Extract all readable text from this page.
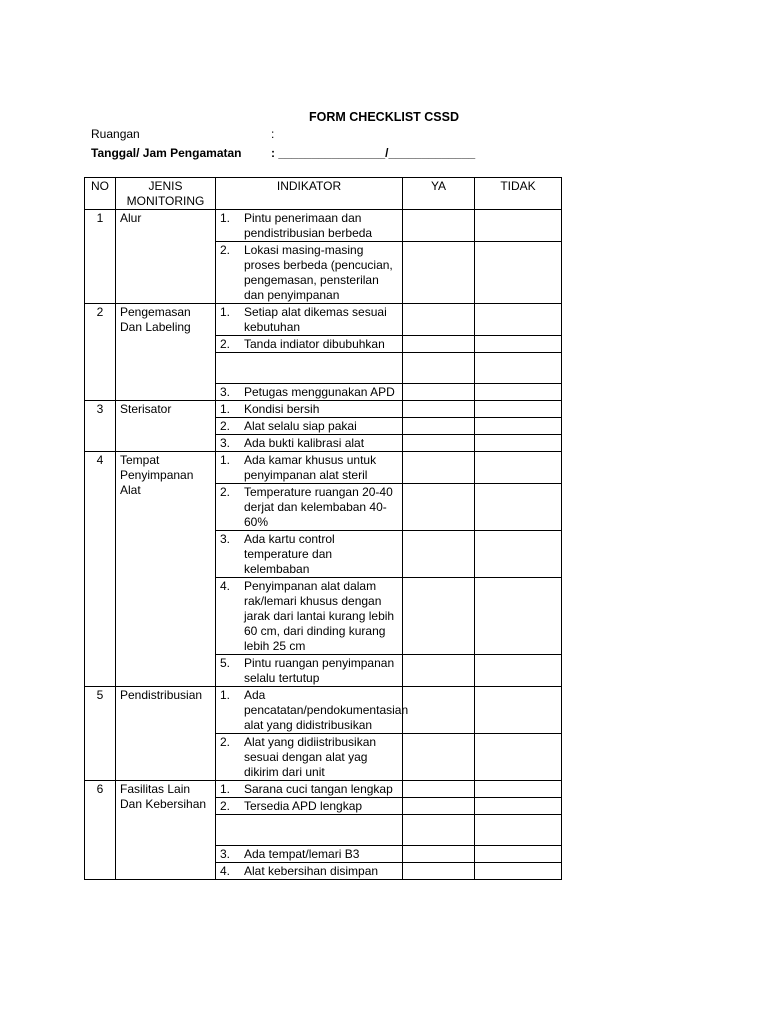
FORM CHECKLIST CSSD
Ruangan	:
Tanggal/ Jam Pengamatan : ________________/_____________
NO	JENIS MONITORING	INDIKATOR	YA	TIDAK
1	Alur	1. Pintu penerimaan dan pendistribusian berbeda		

		2. Lokasi masing-masing proses berbeda (pencucian, pengemasan, pensterilan dan penyimpanan		

2	Pengemasan Dan Labeling	1. Setiap alat dikemas sesuai kebutuhan		

		2. Tanda indiator dibubuhkan		

		3. Petugas menggunakan APD		

3	Sterisator	1. Kondisi bersih		

		2. Alat selalu siap pakai		

		3. Ada bukti kalibrasi alat		

4	Tempat Penyimpanan Alat	1. Ada kamar khusus untuk penyimpanan alat steril		

		2. Temperature ruangan 20-40 derjat dan kelembaban 40-60%		

		3. Ada kartu control temperature dan kelembaban		

		4. Penyimpanan alat dalam rak/lemari khusus dengan jarak dari lantai kurang lebih 60 cm, dari dinding kurang lebih 25 cm		

		5. Pintu ruangan penyimpanan selalu tertutup		

5	Pendistribusian	1. Ada pencatatan/pendokumentasian alat yang didistribusikan		

		2. Alat yang didiistribusikan sesuai dengan alat yag dikirim dari unit		

6	Fasilitas Lain Dan Kebersihan	1. Sarana cuci tangan lengkap		

		2. Tersedia APD lengkap		

		3. Ada tempat/lemari B3		

		4. Alat kebersihan disimpan		
